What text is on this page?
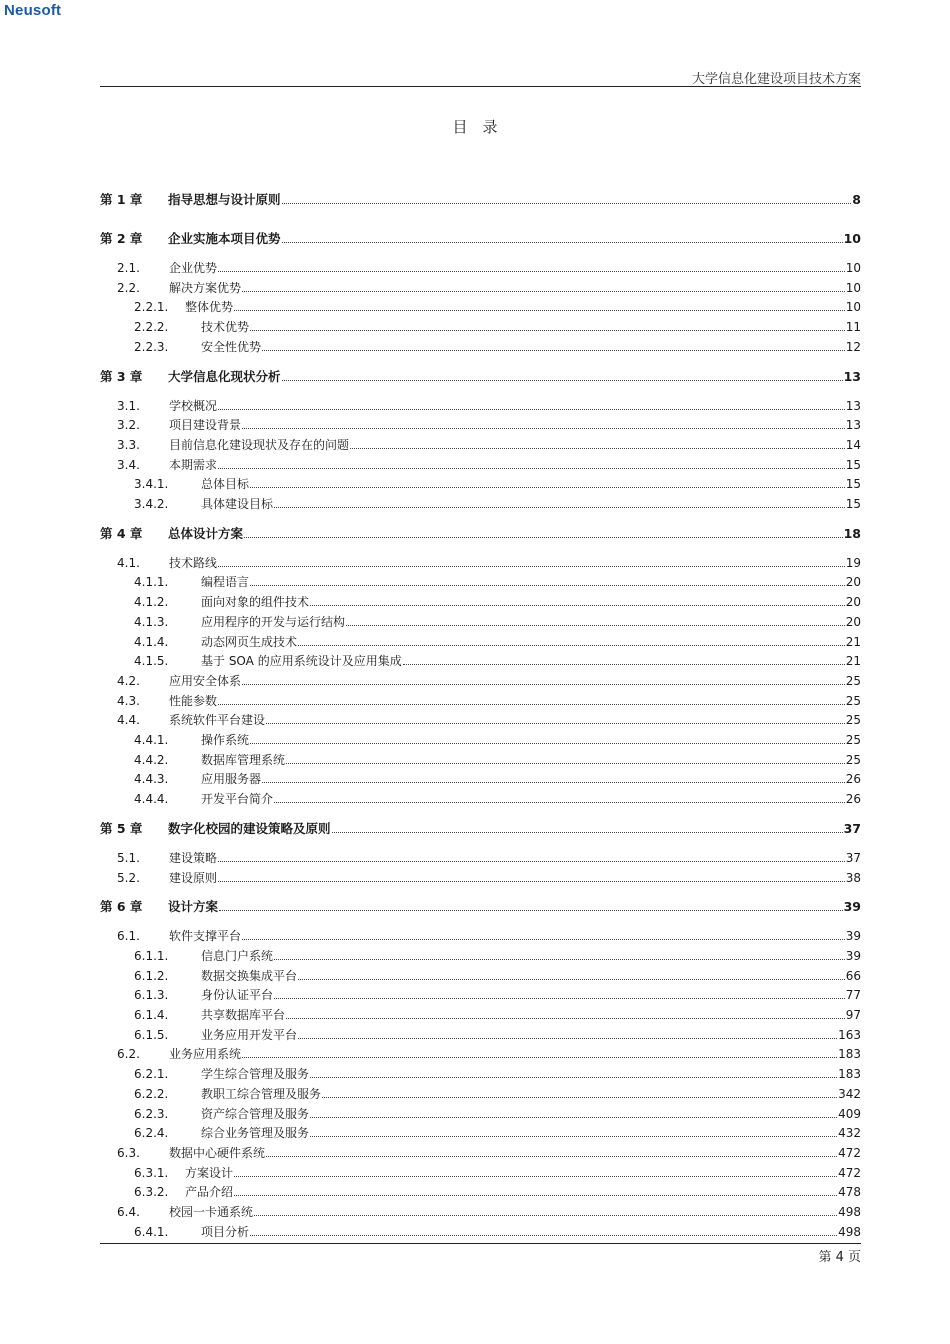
Neusoft
大学信息化建设项目技术方案
目　录
第 1 章	指导思想与设计原则	8
第 2 章	企业实施本项目优势	10
2.1.	企业优势	10
2.2.	解决方案优势	10
2.2.1.	整体优势	10
2.2.2.	技术优势	11
2.2.3.	安全性优势	12
第 3 章	大学信息化现状分析	13
3.1.	学校概况	13
3.2.	项目建设背景	13
3.3.	目前信息化建设现状及存在的问题	14
3.4.	本期需求	15
3.4.1.	总体目标	15
3.4.2.	具体建设目标	15
第 4 章	总体设计方案	18
4.1.	技术路线	19
4.1.1.	编程语言	20
4.1.2.	面向对象的组件技术	20
4.1.3.	应用程序的开发与运行结构	20
4.1.4.	动态网页生成技术	21
4.1.5.	基于 SOA 的应用系统设计及应用集成	21
4.2.	应用安全体系	25
4.3.	性能参数	25
4.4.	系统软件平台建设	25
4.4.1.	操作系统	25
4.4.2.	数据库管理系统	25
4.4.3.	应用服务器	26
4.4.4.	开发平台简介	26
第 5 章	数字化校园的建设策略及原则	37
5.1.	建设策略	37
5.2.	建设原则	38
第 6 章	设计方案	39
6.1.	软件支撑平台	39
6.1.1.	信息门户系统	39
6.1.2.	数据交换集成平台	66
6.1.3.	身份认证平台	77
6.1.4.	共享数据库平台	97
6.1.5.	业务应用开发平台	163
6.2.	业务应用系统	183
6.2.1.	学生综合管理及服务	183
6.2.2.	教职工综合管理及服务	342
6.2.3.	资产综合管理及服务	409
6.2.4.	综合业务管理及服务	432
6.3.	数据中心硬件系统	472
6.3.1.	方案设计	472
6.3.2.	产品介绍	478
6.4.	校园一卡通系统	498
6.4.1.	项目分析	498
第 4 页
